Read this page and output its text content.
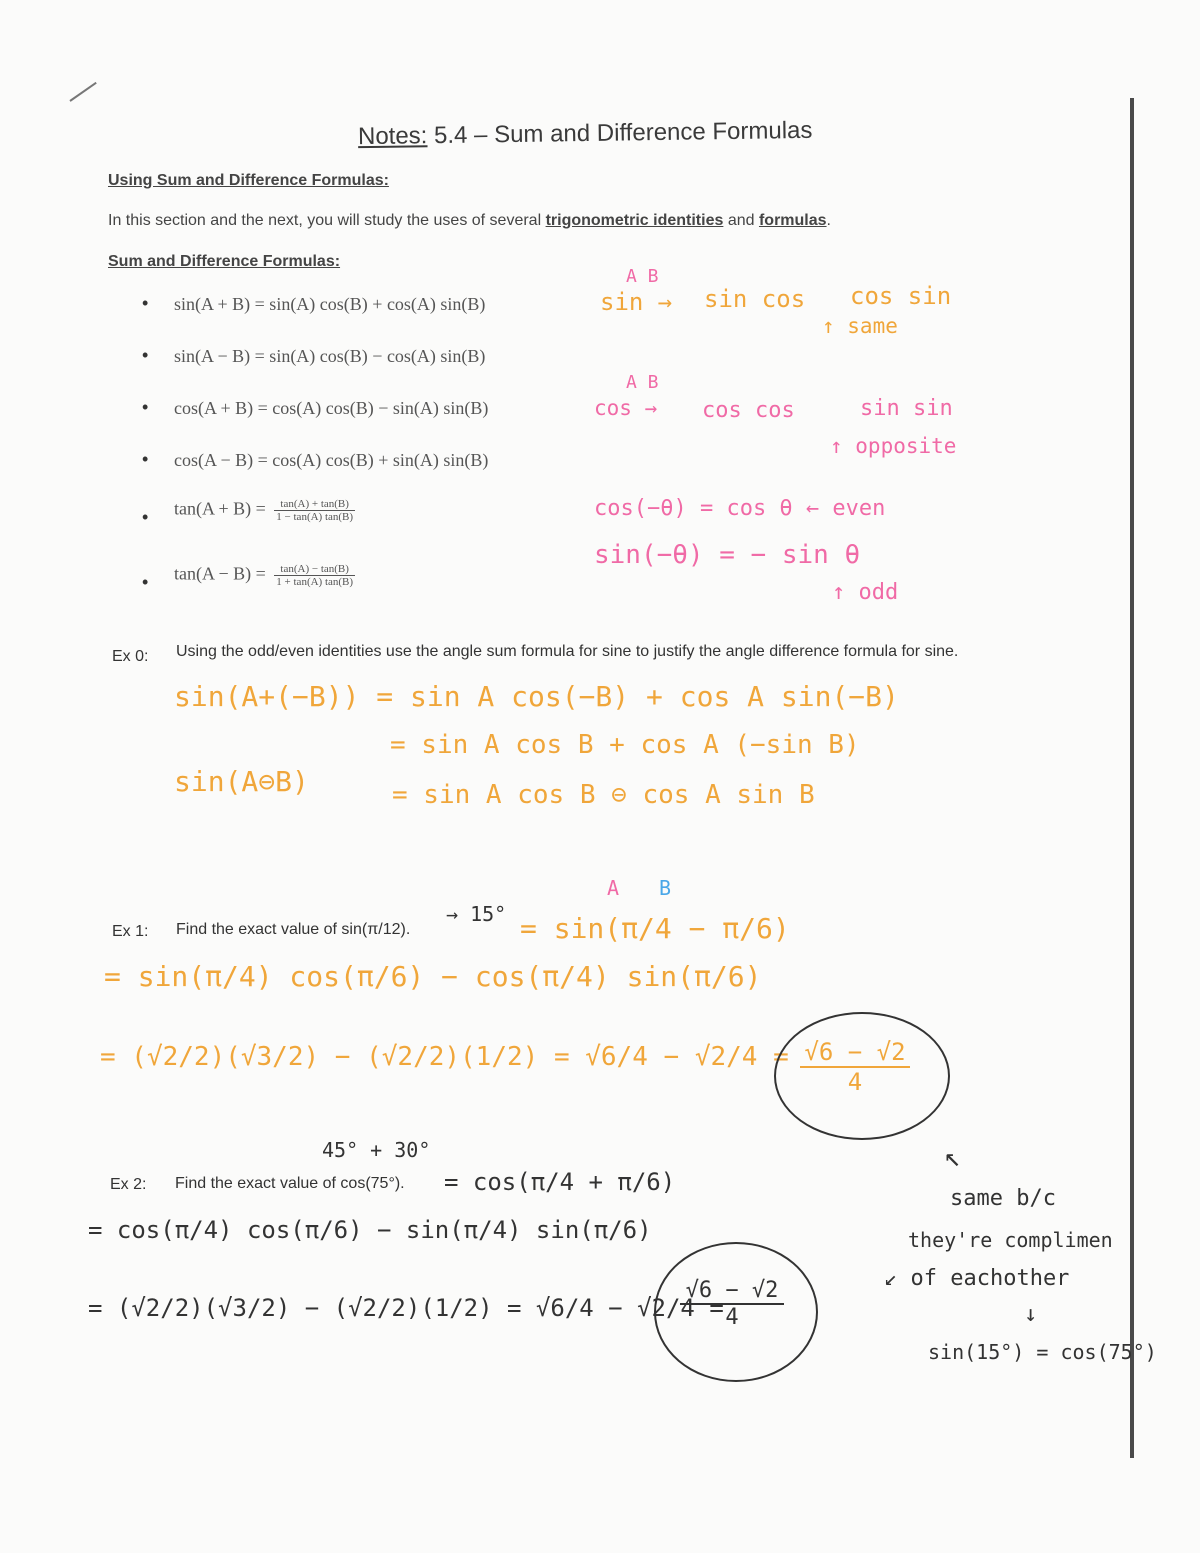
Notes: 5.4 – Sum and Difference Formulas
Using Sum and Difference Formulas:
In this section and the next, you will study the uses of several trigonometric identities and formulas.
Sum and Difference Formulas:
• sin(A + B) = sin(A) cos(B) + cos(A) sin(B)
• sin(A − B) = sin(A) cos(B) − cos(A) sin(B)
• cos(A + B) = cos(A) cos(B) − sin(A) sin(B)
• cos(A − B) = cos(A) cos(B) + sin(A) sin(B)
• $\tan(A + B) = \frac{\tan(A) + \tan(B)}{1 - \tan(A) \tan(B)}$
• $\tan(A - B) = \frac{\tan(A) - \tan(B)}{1 + \tan(A) \tan(B)}$
A B
sin → sin cos cos sin
↑ same
A B
cos → cos cos	sin sin
↑ opposite
cos(−θ) = cos θ ← even
sin(−θ) = − sin θ
↑ odd
Ex 0: Using the odd/even identities use the angle sum formula for sine to justify the angle difference formula for sine.
sin(A+(−B)) = sin A cos(−B) + cos A sin(−B)
= sin A cos B + cos A (−sin B)
sin(A⊖B)	= sin A cos B ⊖ cos A sin B
Ex 1: Find the exact value of sin(π/12).
→ 15°
A B
= sin(π/4 − π/6)
= sin(π/4) cos(π/6) − cos(π/4) sin(π/6)
= $(√2/2)(√3/2) - (√2/2)(1/2) = √6/4 - √2/4 = \frac{√6 - √2}{4}$
45° + 30°
Ex 2: Find the exact value of cos(75°). = cos(π/4 + π/6)
= cos(π/4) cos(π/6) − sin(π/4) sin(π/6)
= (√2/2)(√3/2) − (√2/2)(1/2) = √6/4 − √2/4 =
$\frac{√6 - √2}{4}$
↖
same b/c
they're complimen
↙ of eachother
↓
sin(15°) = cos(75°)
